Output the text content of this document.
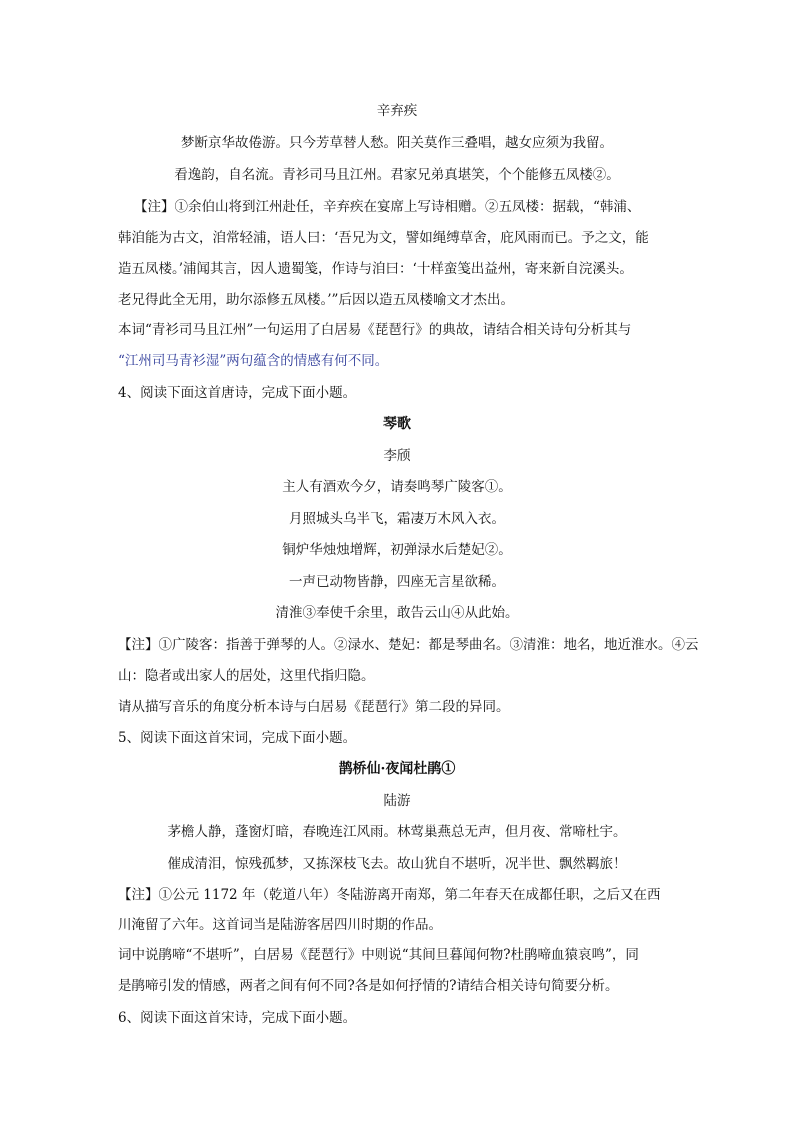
辛弃疾
梦断京华故倦游。只今芳草替人愁。阳关莫作三叠唱，越女应须为我留。
看逸韵，自名流。青衫司马且江州。君家兄弟真堪笑，个个能修五凤楼②。
【注】①余伯山将到江州赴任，辛弃疾在宴席上写诗相赠。②五凤楼：据载，“韩浦、
韩洎能为古文，洎常轻浦，语人曰：‘吾兄为文，譬如绳缚草舍，庇风雨而已。予之文，能
造五凤楼。’浦闻其言，因人遗蜀笺，作诗与洎曰：‘十样蛮笺出益州，寄来新自浣溪头。
老兄得此全无用，助尔添修五凤楼。’”后因以造五凤楼喻文才杰出。
本词“青衫司马且江州”一句运用了白居易《琵琶行》的典故，请结合相关诗句分析其与
“江州司马青衫湿”两句蕴含的情感有何不同。
4、阅读下面这首唐诗，完成下面小题。
琴歌
李颀
主人有酒欢今夕，请奏鸣琴广陵客①。
月照城头乌半飞，霜凄万木风入衣。
铜炉华烛烛增辉，初弹渌水后楚妃②。
一声已动物皆静，四座无言星欲稀。
清淮③奉使千余里，敢告云山④从此始。
【注】①广陵客：指善于弹琴的人。②渌水、楚妃：都是琴曲名。③清淮：地名，地近淮水。④云
山：隐者或出家人的居处，这里代指归隐。
请从描写音乐的角度分析本诗与白居易《琵琶行》第二段的异同。
5、阅读下面这首宋词，完成下面小题。
鹊桥仙·夜闻杜鹃①
陆游
茅檐人静，蓬窗灯暗，春晚连江风雨。林莺巢燕总无声，但月夜、常啼杜宇。
催成清泪，惊残孤梦，又拣深枝飞去。故山犹自不堪听，况半世、飘然羁旅！
【注】①公元 1172 年（乾道八年）冬陆游离开南郑，第二年春天在成都任职，之后又在西
川淹留了六年。这首词当是陆游客居四川时期的作品。
词中说鹃啼“不堪听”，白居易《琵琶行》中则说“其间旦暮闻何物?杜鹃啼血猿哀鸣”，同
是鹃啼引发的情感，两者之间有何不同?各是如何抒情的?请结合相关诗句简要分析。
6、阅读下面这首宋诗，完成下面小题。
